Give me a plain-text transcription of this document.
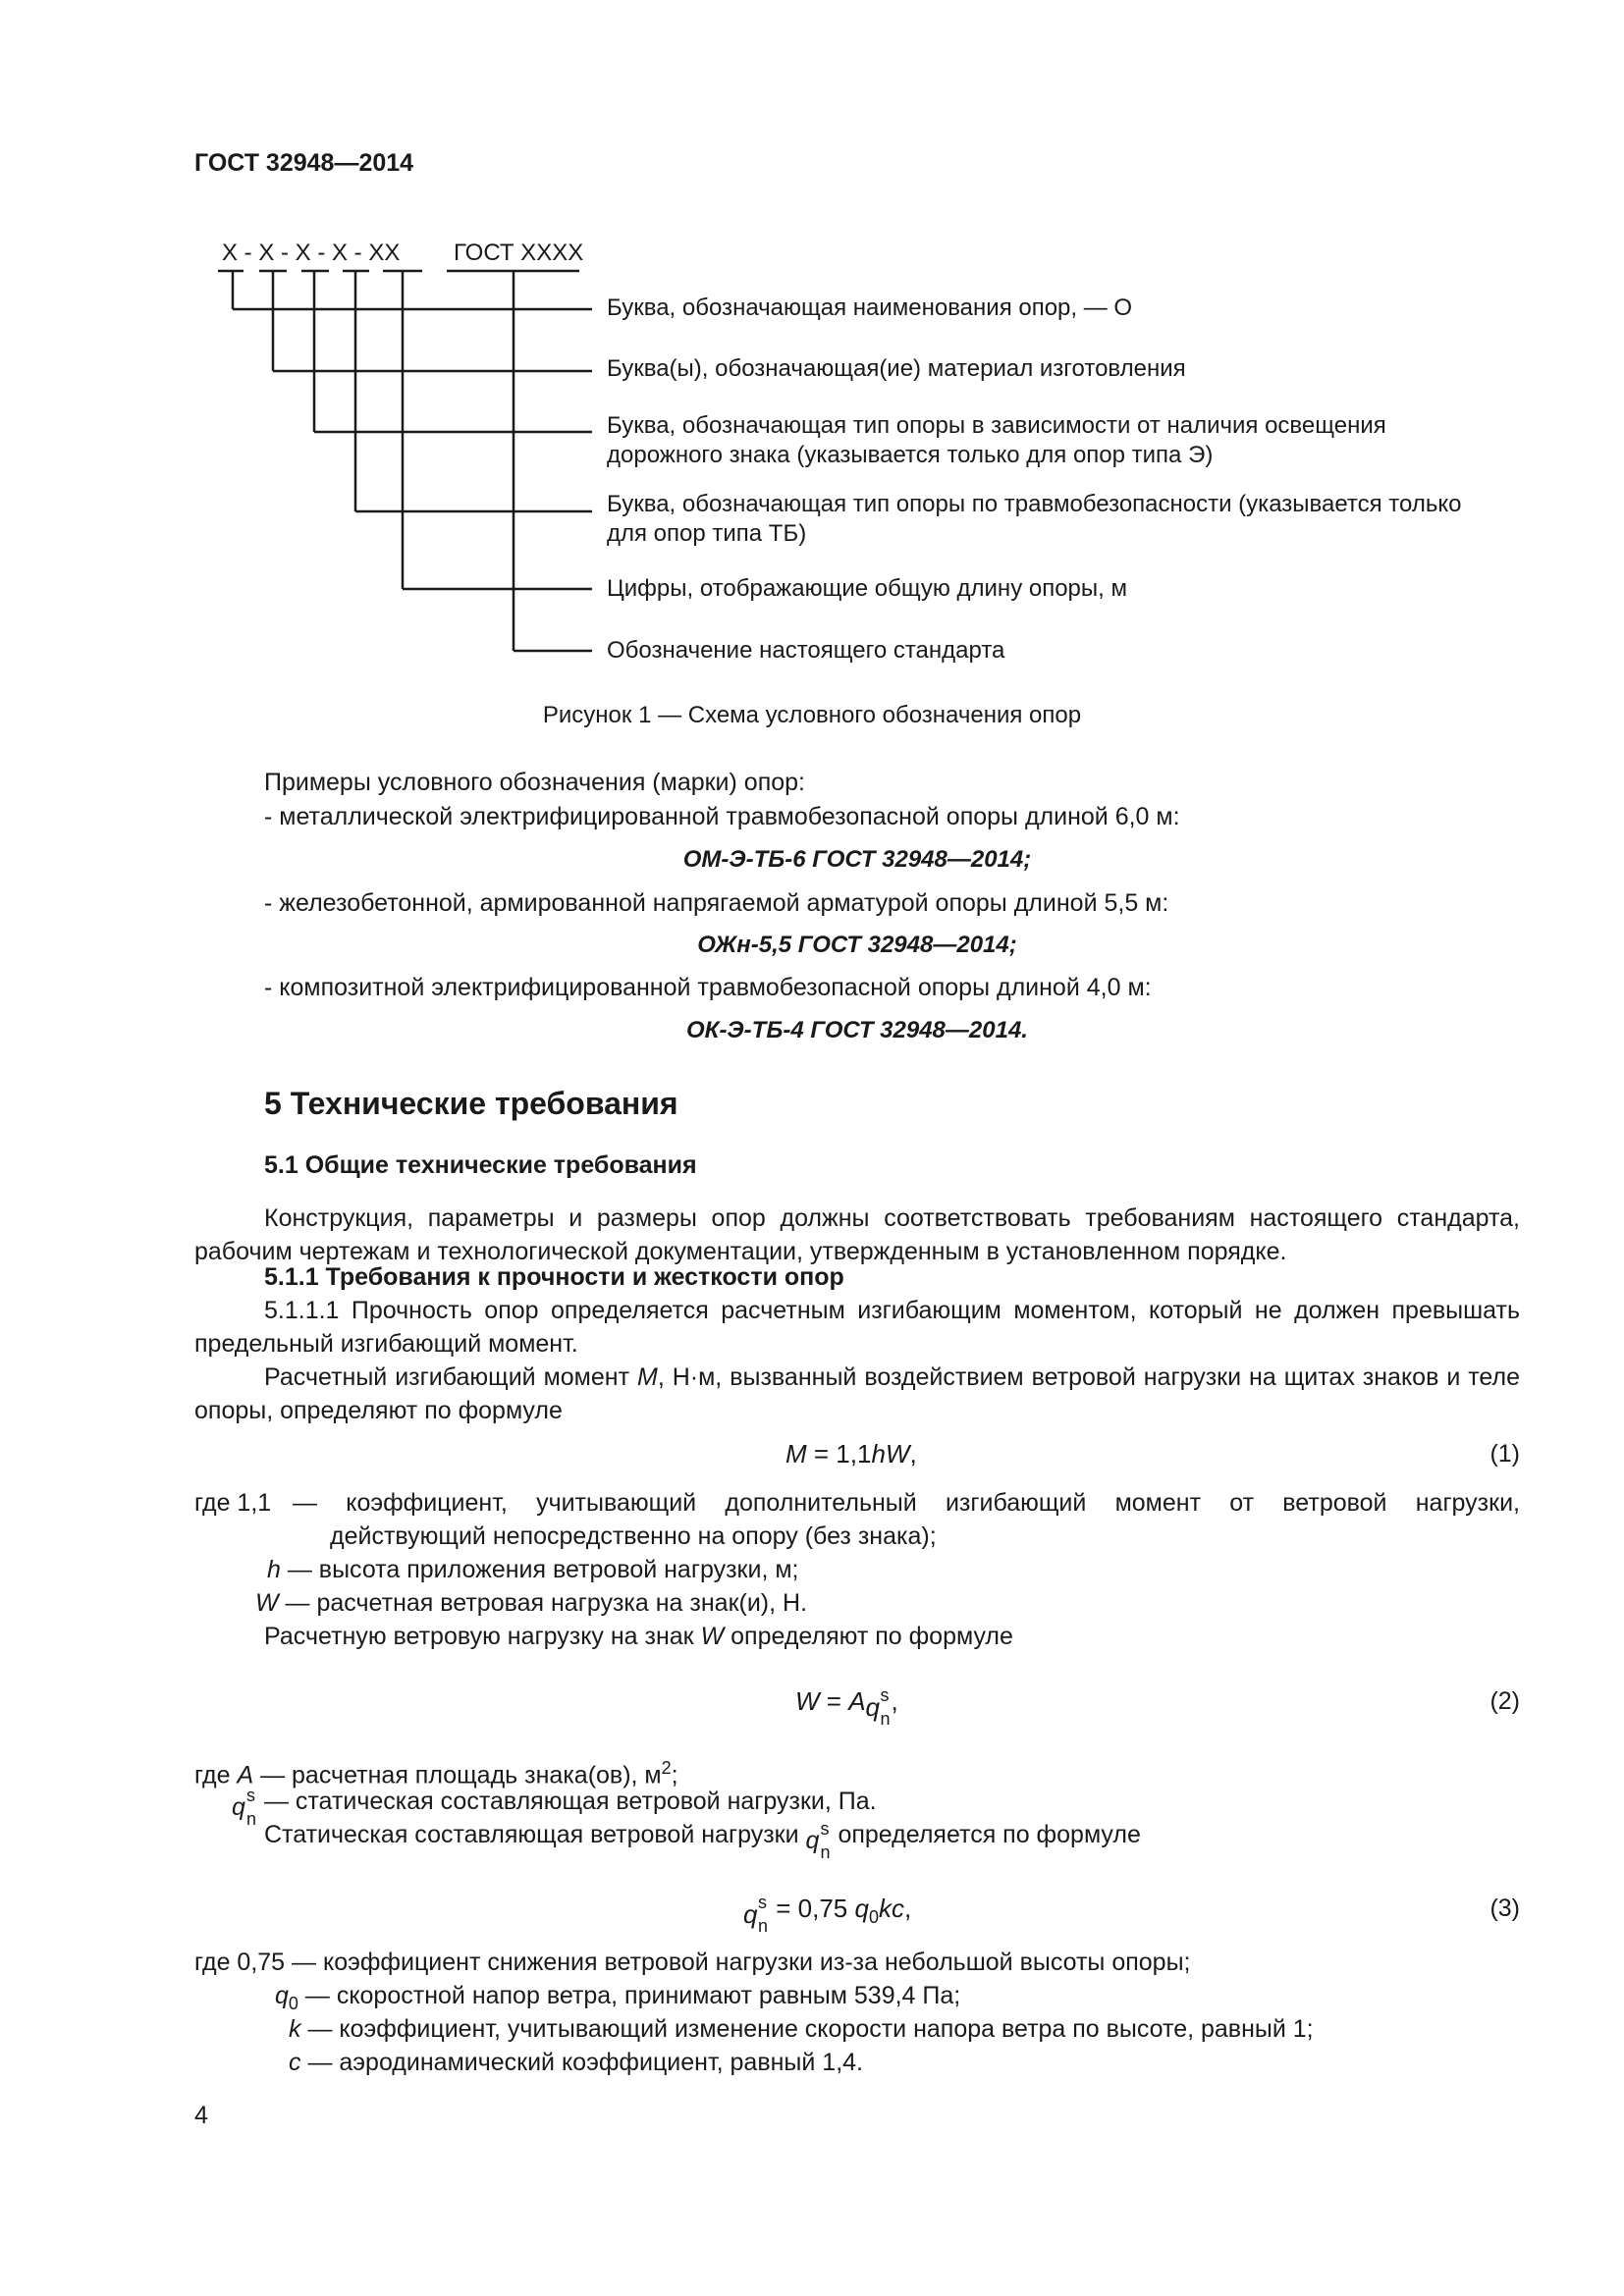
ГОСТ 32948—2014
X - X - X - X - XX ГОСТ XXXX
Буква, обозначающая наименования опор, — О
Буква(ы), обозначающая(ие) материал изготовления
Буква, обозначающая тип опоры в зависимости от наличия освещения
дорожного знака (указывается только для опор типа Э)
Буква, обозначающая тип опоры по травмобезопасности (указывается только
для опор типа ТБ)
Цифры, отображающие общую длину опоры, м
Обозначение настоящего стандарта
Рисунок 1 — Схема условного обозначения опор
Примеры условного обозначения (марки) опор:
- металлической электрифицированной травмобезопасной опоры длиной 6,0 м:
ОМ-Э-ТБ-6 ГОСТ 32948—2014;
- железобетонной, армированной напрягаемой арматурой опоры длиной 5,5 м:
ОЖн-5,5 ГОСТ 32948—2014;
- композитной электрифицированной травмобезопасной опоры длиной 4,0 м:
ОК-Э-ТБ-4 ГОСТ 32948—2014.
5 Технические требования
5.1 Общие технические требования
Конструкция, параметры и размеры опор должны соответствовать требованиям настоящего стандарта, рабочим чертежам и технологической документации, утвержденным в установленном порядке.
5.1.1 Требования к прочности и жесткости опор
5.1.1.1 Прочность опор определяется расчетным изгибающим моментом, который не должен превышать предельный изгибающий момент.
Расчетный изгибающий момент М, Н·м, вызванный воздействием ветровой нагрузки на щитах знаков и теле опоры, определяют по формуле
М = 1,1hW,	(1)
где 1,1 — коэффициент, учитывающий дополнительный изгибающий момент от ветровой нагрузки,
действующий непосредственно на опору (без знака);
h — высота приложения ветровой нагрузки, м;
W — расчетная ветровая нагрузка на знак(и), Н.
Расчетную ветровую нагрузку на знак W определяют по формуле
W = Aq s
n
,	(2)
где A — расчетная площадь знака(ов), $м^2$;
q s
n
— статическая составляющая ветровой нагрузки, Па.
Статическая составляющая ветровой нагрузки q s
n
определяется по формуле
q s
n
= 0,75 $q_0kc$,	(3)
где 0,75 — коэффициент снижения ветровой нагрузки из-за небольшой высоты опоры;
$q_0$ — скоростной напор ветра, принимают равным 539,4 Па;
k — коэффициент, учитывающий изменение скорости напора ветра по высоте, равный 1;
c — аэродинамический коэффициент, равный 1,4.
4
